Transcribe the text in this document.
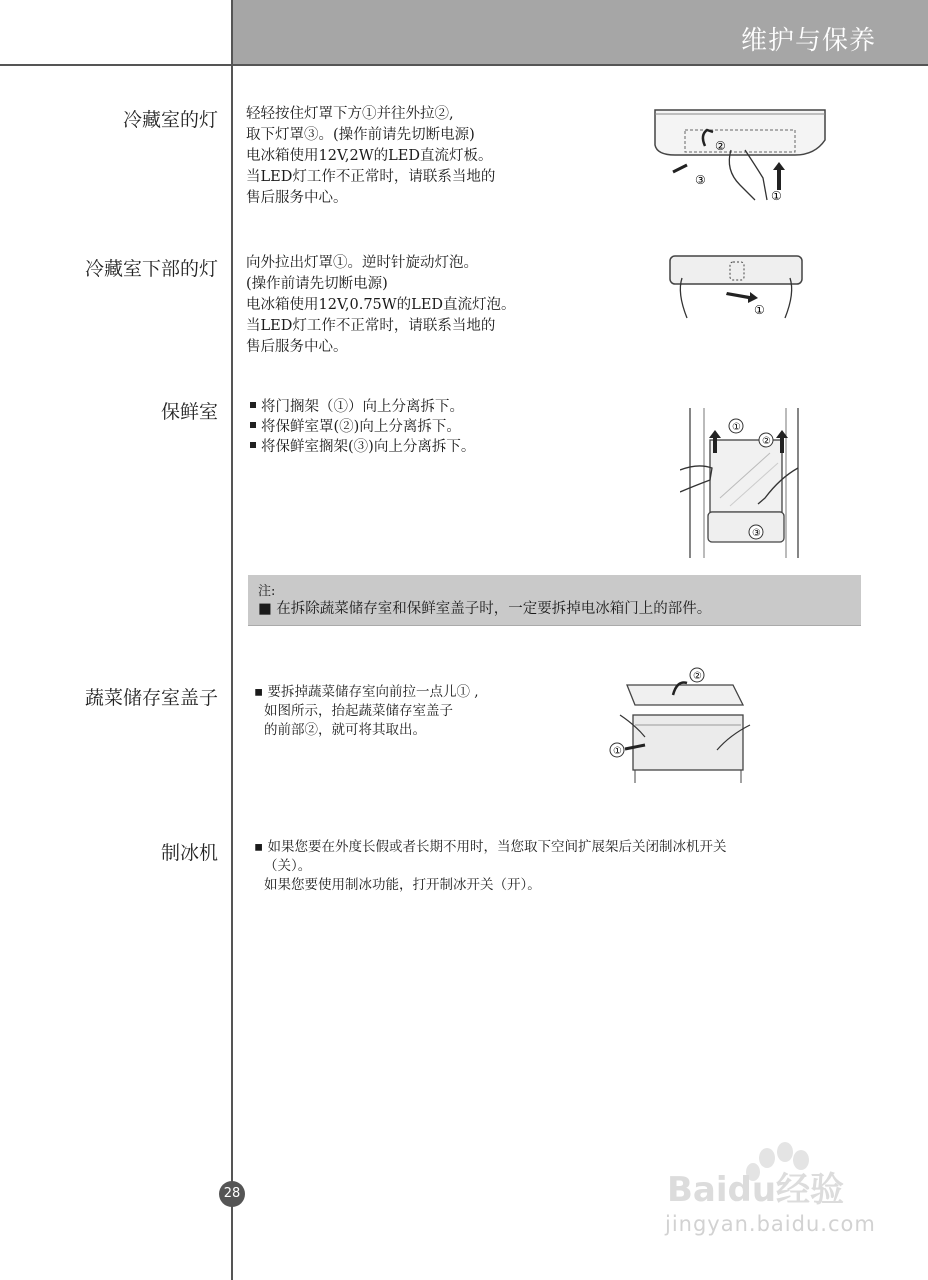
维护与保养
冷藏室的灯 轻轻按住灯罩下方①并往外拉②,
取下灯罩③。(操作前请先切断电源)
电冰箱使用12V,2W的LED直流灯板。
当LED灯工作不正常时，请联系当地的
售后服务中心。
②
③
①
冷藏室下部的灯 向外拉出灯罩①。逆时针旋动灯泡。
(操作前请先切断电源)
电冰箱使用12V,0.75W的LED直流灯泡。
当LED灯工作不正常时，请联系当地的
售后服务中心。
①
保鲜室	将门搁架（①）向上分离拆下。
将保鲜室罩(②)向上分离拆下。
将保鲜室搁架(③)向上分离拆下。
①
②
③
注:
■ 在拆除蔬菜储存室和保鲜室盖子时，一定要拆掉电冰箱门上的部件。
蔬菜储存室盖子	▪ 要拆掉蔬菜储存室向前拉一点儿① ,
如图所示，抬起蔬菜储存室盖子
的前部②，就可将其取出。
②
①
制冰机	▪ 如果您要在外度长假或者长期不用时，当您取下空间扩展架后关闭制冰机开关
（关）。
如果您要使用制冰功能，打开制冰开关（开）。
28	Baidu经验
jingyan.baidu.com
